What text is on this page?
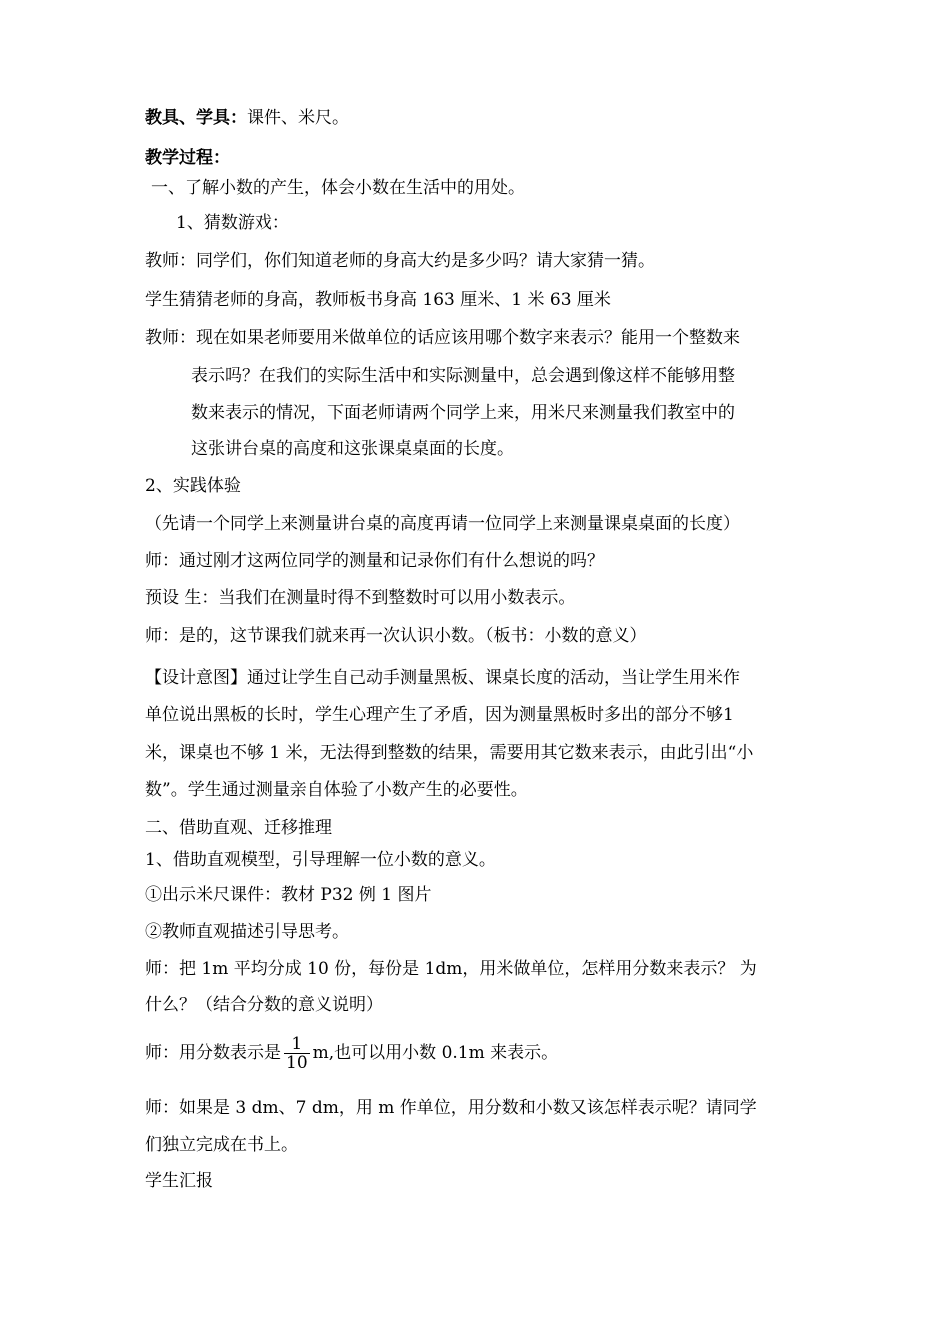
教具、学具：课件、米尺。
教学过程：
一、了解小数的产生，体会小数在生活中的用处。
1、猜数游戏：
教师：同学们，你们知道老师的身高大约是多少吗？请大家猜一猜。
学生猜猜老师的身高，教师板书身高 163 厘米、1 米 63 厘米
教师：现在如果老师要用米做单位的话应该用哪个数字来表示？能用一个整数来
表示吗？在我们的实际生活中和实际测量中，总会遇到像这样不能够用整
数来表示的情况，下面老师请两个同学上来，用米尺来测量我们教室中的
这张讲台桌的高度和这张课桌桌面的长度。
2、实践体验
（先请一个同学上来测量讲台桌的高度再请一位同学上来测量课桌桌面的长度）
师：通过刚才这两位同学的测量和记录你们有什么想说的吗？
预设 生：当我们在测量时得不到整数时可以用小数表示。
师：是的，这节课我们就来再一次认识小数。（板书：小数的意义）
【设计意图】通过让学生自己动手测量黑板、课桌长度的活动，当让学生用米作
单位说出黑板的长时，学生心理产生了矛盾，因为测量黑板时多出的部分不够1
米，课桌也不够 1 米，无法得到整数的结果，需要用其它数来表示，由此引出“小
数”。学生通过测量亲自体验了小数产生的必要性。
二、借助直观、迁移推理
1、借助直观模型，引导理解一位小数的意义。
①出示米尺课件：教材 P32 例 1 图片
②教师直观描述引导思考。
师：把 1m 平均分成 10 份，每份是 1dm，用米做单位，怎样用分数来表示？ 为
什么？（结合分数的意义说明）
师：用分数表示是 $\frac{1}{10} m$,也可以用小数 0.1m 来表示。
师：如果是 3 dm、7 dm，用 m 作单位，用分数和小数又该怎样表示呢？请同学
们独立完成在书上。
学生汇报
